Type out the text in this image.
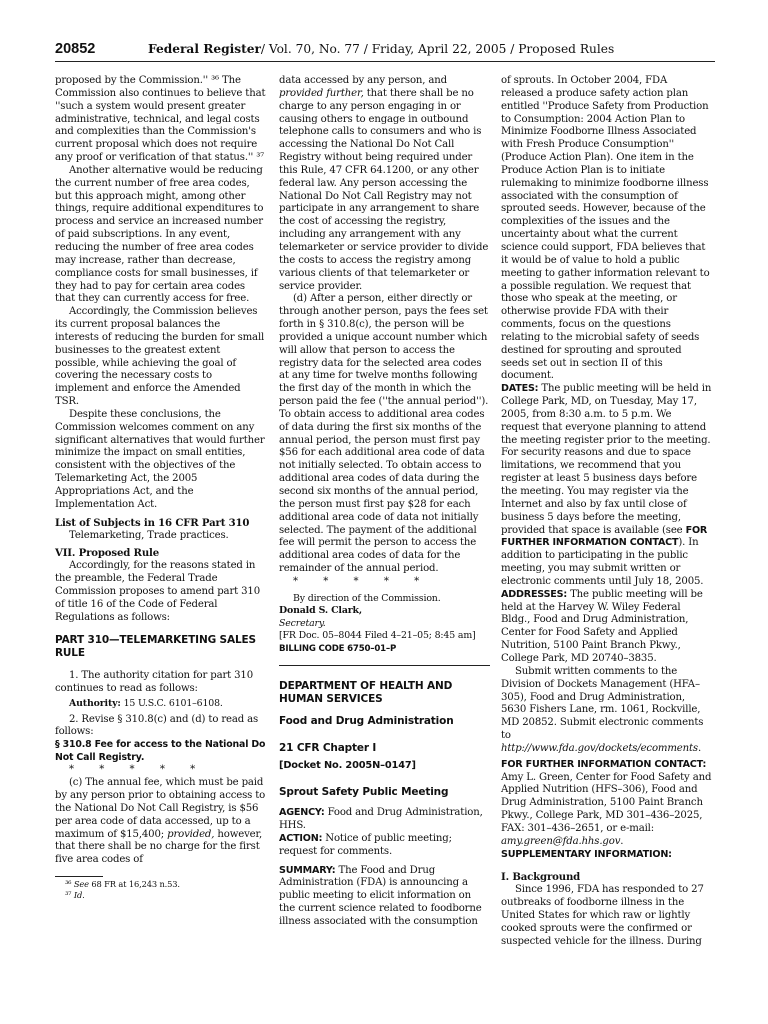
20852	Federal Register/ Vol. 70, No. 77 / Friday, April 22, 2005 / Proposed Rules

proposed by the Commission.'' ³⁶ The Commission also continues to believe that ''such a system would present greater administrative, technical, and legal costs and complexities than the Commission's current proposal which does not require any proof or verification of that status.'' ³⁷

Another alternative would be reducing the current number of free area codes, but this approach might, among other things, require additional expenditures to process and service an increased number of paid subscriptions. In any event, reducing the number of free area codes may increase, rather than decrease, compliance costs for small businesses, if they had to pay for certain area codes that they can currently access for free.

Accordingly, the Commission believes its current proposal balances the interests of reducing the burden for small businesses to the greatest extent possible, while achieving the goal of covering the necessary costs to implement and enforce the Amended TSR.

Despite these conclusions, the Commission welcomes comment on any significant alternatives that would further minimize the impact on small entities, consistent with the objectives of the Telemarketing Act, the 2005 Appropriations Act, and the Implementation Act.

List of Subjects in 16 CFR Part 310

Telemarketing, Trade practices.

VII. Proposed Rule

Accordingly, for the reasons stated in the preamble, the Federal Trade Commission proposes to amend part 310 of title 16 of the Code of Federal Regulations as follows:

PART 310—TELEMARKETING SALES RULE

1. The authority citation for part 310 continues to read as follows:

Authority: 15 U.S.C. 6101–6108.

2. Revise § 310.8(c) and (d) to read as follows:

§ 310.8 Fee for access to the National Do Not Call Registry.

* * * * *

(c) The annual fee, which must be paid by any person prior to obtaining access to the National Do Not Call Registry, is $56 per area code of data accessed, up to a maximum of $15,400; provided, however, that there shall be no charge for the first five area codes of

³⁶ See 68 FR at 16,243 n.53.

³⁷ Id.

data accessed by any person, and provided further, that there shall be no charge to any person engaging in or causing others to engage in outbound telephone calls to consumers and who is accessing the National Do Not Call Registry without being required under this Rule, 47 CFR 64.1200, or any other federal law. Any person accessing the National Do Not Call Registry may not participate in any arrangement to share the cost of accessing the registry, including any arrangement with any telemarketer or service provider to divide the costs to access the registry among various clients of that telemarketer or service provider.

(d) After a person, either directly or through another person, pays the fees set forth in § 310.8(c), the person will be provided a unique account number which will allow that person to access the registry data for the selected area codes at any time for twelve months following the first day of the month in which the person paid the fee (''the annual period''). To obtain access to additional area codes of data during the first six months of the annual period, the person must first pay $56 for each additional area code of data not initially selected. To obtain access to additional area codes of data during the second six months of the annual period, the person must first pay $28 for each additional area code of data not initially selected. The payment of the additional fee will permit the person to access the additional area codes of data for the remainder of the annual period.

* * * * *

By direction of the Commission.

Donald S. Clark,

Secretary.

[FR Doc. 05–8044 Filed 4–21–05; 8:45 am]

BILLING CODE 6750–01–P

DEPARTMENT OF HEALTH AND HUMAN SERVICES

Food and Drug Administration

21 CFR Chapter I

[Docket No. 2005N–0147]

Sprout Safety Public Meeting

AGENCY: Food and Drug Administration, HHS.

ACTION: Notice of public meeting; request for comments.

SUMMARY: The Food and Drug Administration (FDA) is announcing a public meeting to elicit information on the current science related to foodborne illness associated with the consumption

of sprouts. In October 2004, FDA released a produce safety action plan entitled ''Produce Safety from Production to Consumption: 2004 Action Plan to Minimize Foodborne Illness Associated with Fresh Produce Consumption'' (Produce Action Plan). One item in the Produce Action Plan is to initiate rulemaking to minimize foodborne illness associated with the consumption of sprouted seeds. However, because of the complexities of the issues and the uncertainty about what the current science could support, FDA believes that it would be of value to hold a public meeting to gather information relevant to a possible regulation. We request that those who speak at the meeting, or otherwise provide FDA with their comments, focus on the questions relating to the microbial safety of seeds destined for sprouting and sprouted seeds set out in section II of this document.

DATES: The public meeting will be held in College Park, MD, on Tuesday, May 17, 2005, from 8:30 a.m. to 5 p.m. We request that everyone planning to attend the meeting register prior to the meeting. For security reasons and due to space limitations, we recommend that you register at least 5 business days before the meeting. You may register via the Internet and also by fax until close of business 5 days before the meeting, provided that space is available (see FOR FURTHER INFORMATION CONTACT). In addition to participating in the public meeting, you may submit written or electronic comments until July 18, 2005.

ADDRESSES: The public meeting will be held at the Harvey W. Wiley Federal Bldg., Food and Drug Administration, Center for Food Safety and Applied Nutrition, 5100 Paint Branch Pkwy., College Park, MD 20740–3835.

Submit written comments to the Division of Dockets Management (HFA–305), Food and Drug Administration, 5630 Fishers Lane, rm. 1061, Rockville, MD 20852. Submit electronic comments to http://www.fda.gov/dockets/ecomments.

FOR FURTHER INFORMATION CONTACT:

Amy L. Green, Center for Food Safety and Applied Nutrition (HFS–306), Food and Drug Administration, 5100 Paint Branch Pkwy., College Park, MD 301–436–2025, FAX: 301–436–2651, or e-mail: amy.green@fda.hhs.gov.

SUPPLEMENTARY INFORMATION:

I. Background

Since 1996, FDA has responded to 27 outbreaks of foodborne illness in the United States for which raw or lightly cooked sprouts were the confirmed or suspected vehicle for the illness. During
